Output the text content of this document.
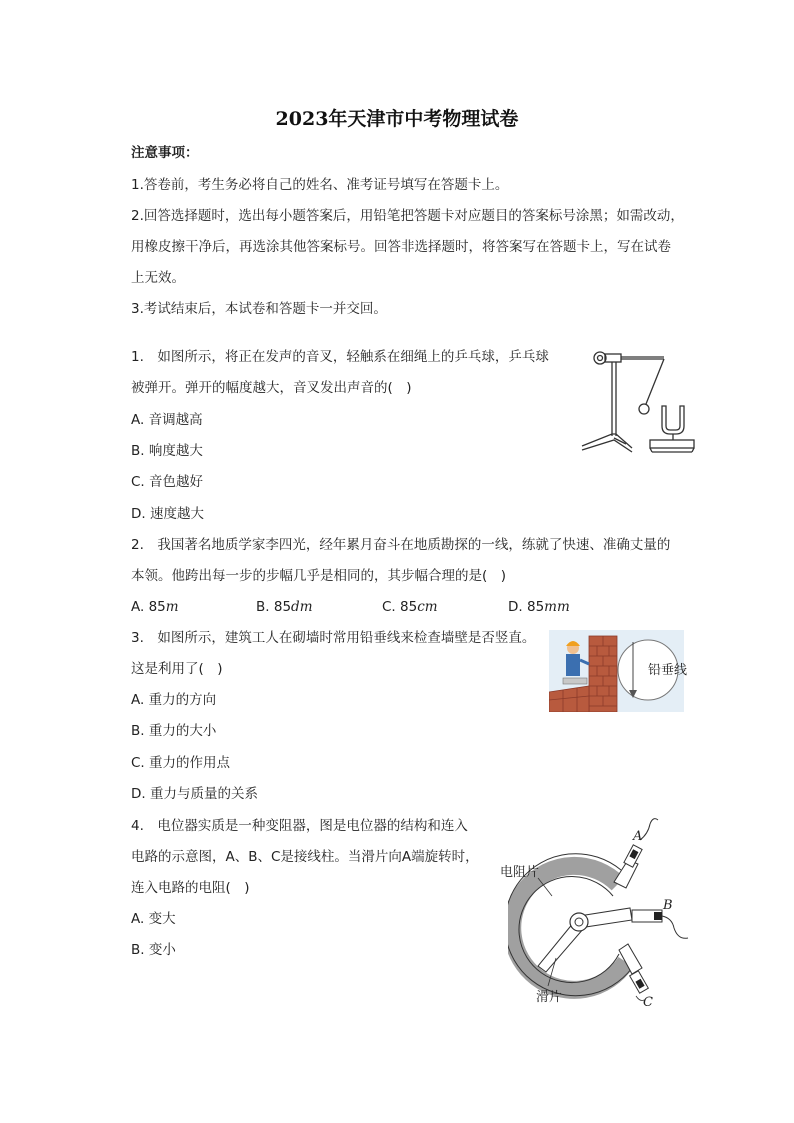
2023年天津市中考物理试卷
注意事项：
1.答卷前，考生务必将自己的姓名、准考证号填写在答题卡上。
2.回答选择题时，选出每小题答案后，用铅笔把答题卡对应题目的答案标号涂黑；如需改动，
用橡皮擦干净后，再选涂其他答案标号。回答非选择题时，将答案写在答题卡上，写在试卷
上无效。
3.考试结束后，本试卷和答题卡一并交回。
1.　如图所示，将正在发声的音叉，轻触系在细绳上的乒乓球，乒乓球
被弹开。弹开的幅度越大，音叉发出声音的(　)
A. 音调越高
B. 响度越大
C. 音色越好
D. 速度越大
2.　我国著名地质学家李四光，经年累月奋斗在地质勘探的一线，练就了快速、准确丈量的
本领。他跨出每一步的步幅几乎是相同的，其步幅合理的是(　)
A. 85m	B. 85dm	C. 85cm	D. 85mm
3.　如图所示，建筑工人在砌墙时常用铅垂线来检查墙壁是否竖直。
这是利用了(　)
A. 重力的方向
B. 重力的大小
C. 重力的作用点
D. 重力与质量的关系
铅垂线
4.　电位器实质是一种变阻器，图是电位器的结构和连入
电路的示意图，A、B、C是接线柱。当滑片向A端旋转时，
连入电路的电阻(　)
A. 变大
B. 变小
电阻片
滑片
A
B
C
